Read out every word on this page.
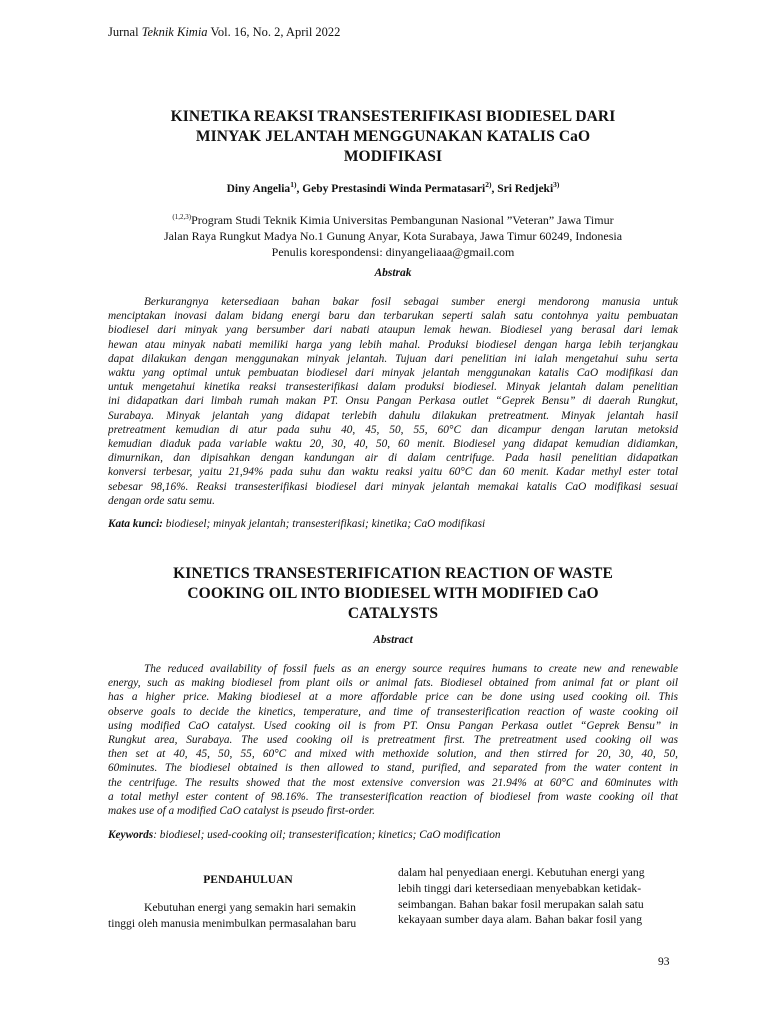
Jurnal Teknik Kimia Vol. 16, No. 2, April 2022
KINETIKA REAKSI TRANSESTERIFIKASI BIODIESEL DARI
MINYAK JELANTAH MENGGUNAKAN KATALIS CaO
MODIFIKASI
Diny Angelia$^{1)}$, Geby Prestasindi Winda Permatasari$^{2)}$, Sri Redjeki$^{3)}$
$^{(1,2,3)}$Program Studi Teknik Kimia Universitas Pembangunan Nasional ”Veteran” Jawa Timur
Jalan Raya Rungkut Madya No.1 Gunung Anyar, Kota Surabaya, Jawa Timur 60249, Indonesia
Penulis korespondensi: dinyangeliaaa@gmail.com
Abstrak
Berkurangnya ketersediaan bahan bakar fosil sebagai sumber energi mendorong manusia untuk
menciptakan inovasi dalam bidang energi baru dan terbarukan seperti salah satu contohnya yaitu pembuatan
biodiesel dari minyak yang bersumber dari nabati ataupun lemak hewan. Biodiesel yang berasal dari lemak
hewan atau minyak nabati memiliki harga yang lebih mahal. Produksi biodiesel dengan harga lebih terjangkau
dapat dilakukan dengan menggunakan minyak jelantah. Tujuan dari penelitian ini ialah mengetahui suhu serta
waktu yang optimal untuk pembuatan biodiesel dari minyak jelantah menggunakan katalis CaO modifikasi dan
untuk mengetahui kinetika reaksi transesterifikasi dalam produksi biodiesel. Minyak jelantah dalam penelitian
ini didapatkan dari limbah rumah makan PT. Onsu Pangan Perkasa outlet “Geprek Bensu” di daerah Rungkut,
Surabaya. Minyak jelantah yang didapat terlebih dahulu dilakukan pretreatment. Minyak jelantah hasil
pretreatment kemudian di atur pada suhu 40, 45, 50, 55, 60°C dan dicampur dengan larutan metoksid
kemudian diaduk pada variable waktu 20, 30, 40, 50, 60 menit. Biodiesel yang didapat kemudian didiamkan,
dimurnikan, dan dipisahkan dengan kandungan air di dalam centrifuge. Pada hasil penelitian didapatkan
konversi terbesar, yaitu 21,94% pada suhu dan waktu reaksi yaitu 60°C dan 60 menit. Kadar methyl ester total
sebesar 98,16%. Reaksi transesterifikasi biodiesel dari minyak jelantah memakai katalis CaO modifikasi sesuai
dengan orde satu semu.
Kata kunci: biodiesel; minyak jelantah; transesterifikasi; kinetika; CaO modifikasi
KINETICS TRANSESTERIFICATION REACTION OF WASTE
COOKING OIL INTO BIODIESEL WITH MODIFIED CaO
CATALYSTS
Abstract
The reduced availability of fossil fuels as an energy source requires humans to create new and renewable
energy, such as making biodiesel from plant oils or animal fats. Biodiesel obtained from animal fat or plant oil
has a higher price. Making biodiesel at a more affordable price can be done using used cooking oil. This
observe goals to decide the kinetics, temperature, and time of transesterification reaction of waste cooking oil
using modified CaO catalyst. Used cooking oil is from PT. Onsu Pangan Perkasa outlet “Geprek Bensu” in
Rungkut area, Surabaya. The used cooking oil is pretreatment first. The pretreatment used cooking oil was
then set at 40, 45, 50, 55, 60°C and mixed with methoxide solution, and then stirred for 20, 30, 40, 50,
60minutes. The biodiesel obtained is then allowed to stand, purified, and separated from the water content in
the centrifuge. The results showed that the most extensive conversion was 21.94% at 60°C and 60minutes with
a total methyl ester content of 98.16%. The transesterification reaction of biodiesel from waste cooking oil that
makes use of a modified CaO catalyst is pseudo first-order.
Keywords: biodiesel; used-cooking oil; transesterification; kinetics; CaO modification
PENDAHULUAN
Kebutuhan energi yang semakin hari semakin
tinggi oleh manusia menimbulkan permasalahan baru
dalam hal penyediaan energi. Kebutuhan energi yang
lebih tinggi dari ketersediaan menyebabkan ketidak-
seimbangan. Bahan bakar fosil merupakan salah satu
kekayaan sumber daya alam. Bahan bakar fosil yang
93
